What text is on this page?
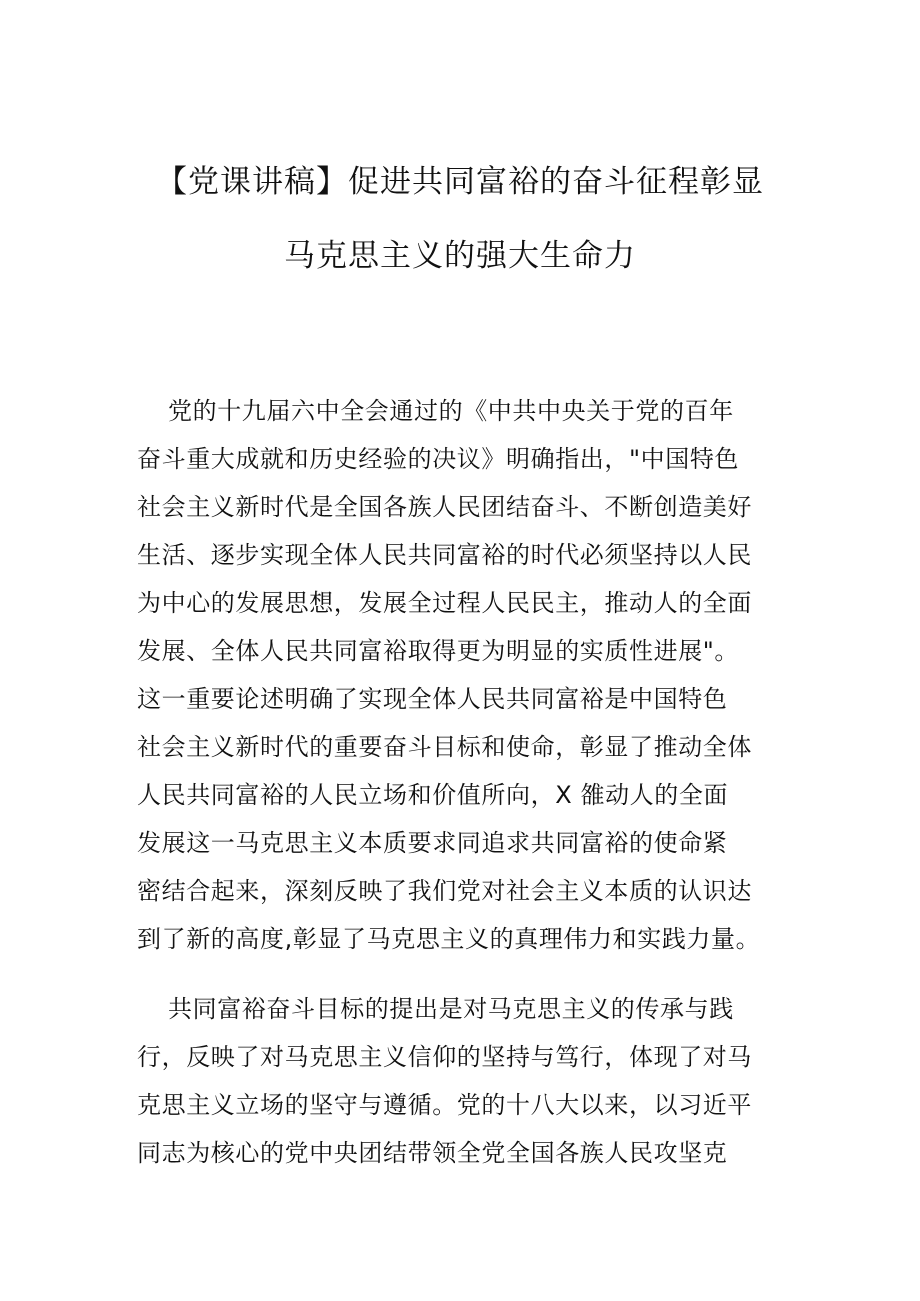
【党课讲稿】促进共同富裕的奋斗征程彰显
马克思主义的强大生命力
党的十九届六中全会通过的《中共中央关于党的百年
奋斗重大成就和历史经验的决议》明确指出，"中国特色
社会主义新时代是全国各族人民团结奋斗、不断创造美好
生活、逐步实现全体人民共同富裕的时代必须坚持以人民
为中心的发展思想，发展全过程人民民主，推动人的全面
发展、全体人民共同富裕取得更为明显的实质性进展"。
这一重要论述明确了实现全体人民共同富裕是中国特色
社会主义新时代的重要奋斗目标和使命，彰显了推动全体
人民共同富裕的人民立场和价值所向，X 雒动人的全面
发展这一马克思主义本质要求同追求共同富裕的使命紧
密结合起来，深刻反映了我们党对社会主义本质的认识达
到了新的高度,彰显了马克思主义的真理伟力和实践力量。
共同富裕奋斗目标的提出是对马克思主义的传承与践
行，反映了对马克思主义信仰的坚持与笃行，体现了对马
克思主义立场的坚守与遵循。党的十八大以来，以习近平
同志为核心的党中央团结带领全党全国各族人民攻坚克
